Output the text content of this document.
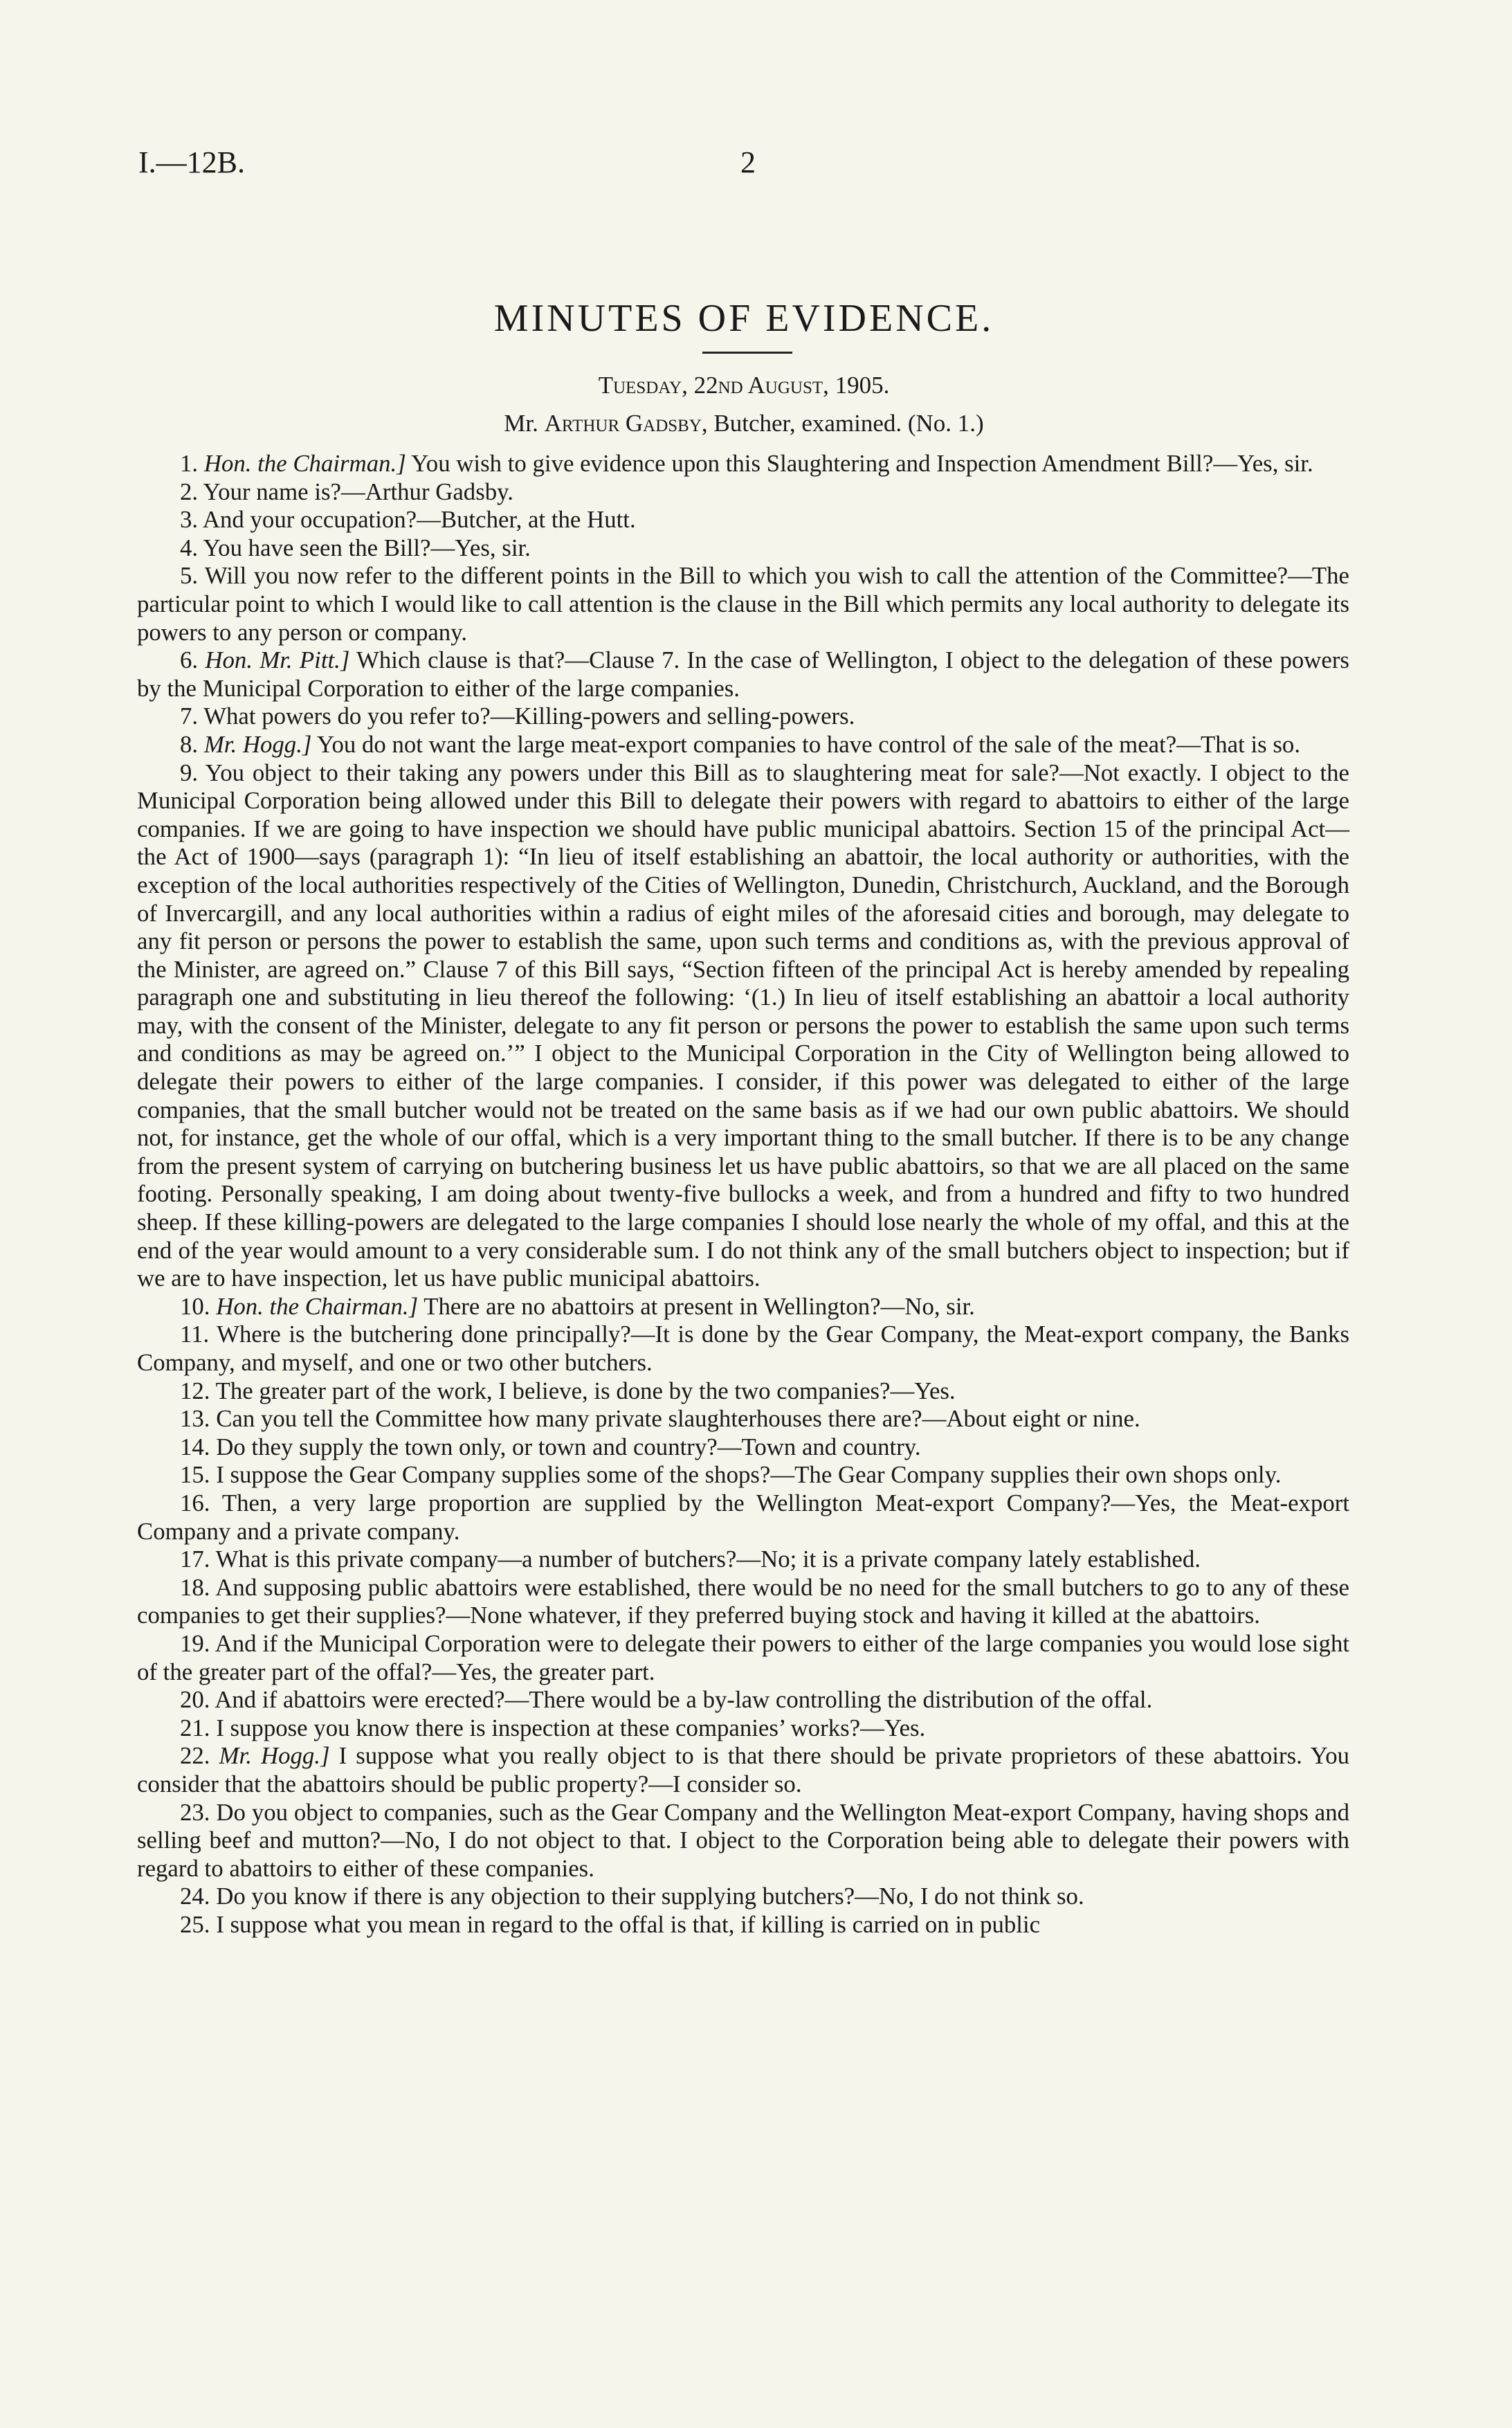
I.—12B.	2
MINUTES OF EVIDENCE.
Tuesday, 22nd August, 1905.
Mr. Arthur Gadsby, Butcher, examined. (No. 1.)

1. Hon. the Chairman.] You wish to give evidence upon this Slaughtering and Inspection Amendment Bill?—Yes, sir.

2. Your name is?—Arthur Gadsby.

3. And your occupation?—Butcher, at the Hutt.

4. You have seen the Bill?—Yes, sir.

5. Will you now refer to the different points in the Bill to which you wish to call the attention of the Committee?—The particular point to which I would like to call attention is the clause in the Bill which permits any local authority to delegate its powers to any person or company.

6. Hon. Mr. Pitt.] Which clause is that?—Clause 7. In the case of Wellington, I object to the delegation of these powers by the Municipal Corporation to either of the large companies.

7. What powers do you refer to?—Killing-powers and selling-powers.

8. Mr. Hogg.] You do not want the large meat-export companies to have control of the sale of the meat?—That is so.

9. You object to their taking any powers under this Bill as to slaughtering meat for sale?—Not exactly. I object to the Municipal Corporation being allowed under this Bill to delegate their powers with regard to abattoirs to either of the large companies. If we are going to have inspection we should have public municipal abattoirs. Section 15 of the principal Act—the Act of 1900—says (paragraph 1): “In lieu of itself establishing an abattoir, the local authority or authorities, with the exception of the local authorities respectively of the Cities of Wellington, Dunedin, Christchurch, Auckland, and the Borough of Invercargill, and any local authorities within a radius of eight miles of the aforesaid cities and borough, may delegate to any fit person or persons the power to establish the same, upon such terms and conditions as, with the previous approval of the Minister, are agreed on.” Clause 7 of this Bill says, “Section fifteen of the principal Act is hereby amended by repealing paragraph one and substituting in lieu thereof the following: ‘(1.) In lieu of itself establishing an abattoir a local authority may, with the consent of the Minister, delegate to any fit person or persons the power to establish the same upon such terms and conditions as may be agreed on.’” I object to the Municipal Corporation in the City of Wellington being allowed to delegate their powers to either of the large companies. I consider, if this power was delegated to either of the large companies, that the small butcher would not be treated on the same basis as if we had our own public abattoirs. We should not, for instance, get the whole of our offal, which is a very important thing to the small butcher. If there is to be any change from the present system of carrying on butchering business let us have public abattoirs, so that we are all placed on the same footing. Personally speaking, I am doing about twenty-five bullocks a week, and from a hundred and fifty to two hundred sheep. If these killing-powers are delegated to the large companies I should lose nearly the whole of my offal, and this at the end of the year would amount to a very considerable sum. I do not think any of the small butchers object to inspection; but if we are to have inspection, let us have public municipal abattoirs.

10. Hon. the Chairman.] There are no abattoirs at present in Wellington?—No, sir.

11. Where is the butchering done principally?—It is done by the Gear Company, the Meat-export company, the Banks Company, and myself, and one or two other butchers.

12. The greater part of the work, I believe, is done by the two companies?—Yes.

13. Can you tell the Committee how many private slaughterhouses there are?—About eight or nine.

14. Do they supply the town only, or town and country?—Town and country.

15. I suppose the Gear Company supplies some of the shops?—The Gear Company supplies their own shops only.

16. Then, a very large proportion are supplied by the Wellington Meat-export Company?—Yes, the Meat-export Company and a private company.

17. What is this private company—a number of butchers?—No; it is a private company lately established.

18. And supposing public abattoirs were established, there would be no need for the small butchers to go to any of these companies to get their supplies?—None whatever, if they preferred buying stock and having it killed at the abattoirs.

19. And if the Municipal Corporation were to delegate their powers to either of the large companies you would lose sight of the greater part of the offal?—Yes, the greater part.

20. And if abattoirs were erected?—There would be a by-law controlling the distribution of the offal.

21. I suppose you know there is inspection at these companies’ works?—Yes.

22. Mr. Hogg.] I suppose what you really object to is that there should be private proprietors of these abattoirs. You consider that the abattoirs should be public property?—I consider so.

23. Do you object to companies, such as the Gear Company and the Wellington Meat-export Company, having shops and selling beef and mutton?—No, I do not object to that. I object to the Corporation being able to delegate their powers with regard to abattoirs to either of these companies.

24. Do you know if there is any objection to their supplying butchers?—No, I do not think so.

25. I suppose what you mean in regard to the offal is that, if killing is carried on in public
